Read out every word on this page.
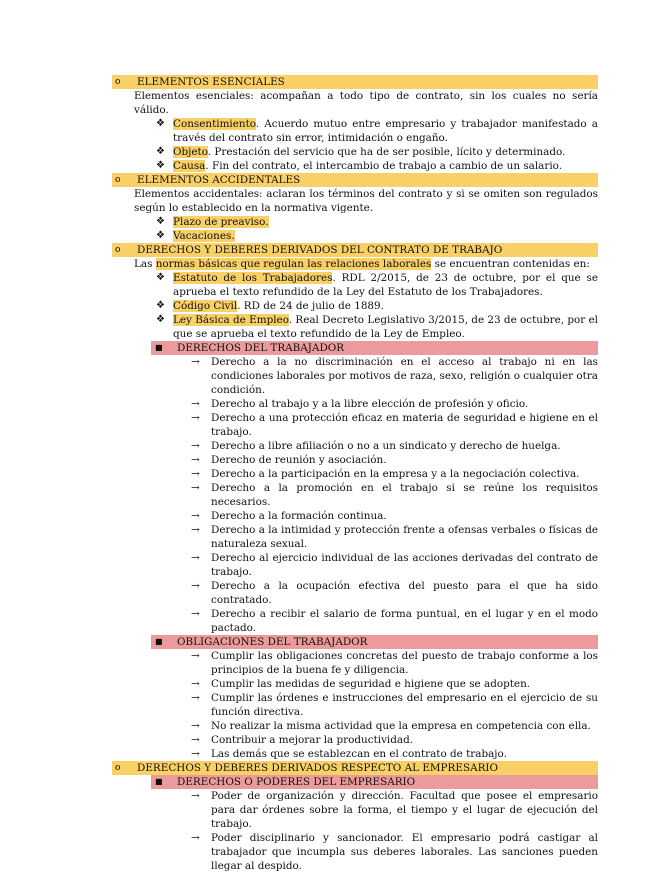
o	ELEMENTOS ESENCIALES
Elementos esenciales: acompañan a todo tipo de contrato, sin los cuales no sería válido.
❖ Consentimiento. Acuerdo mutuo entre empresario y trabajador manifestado a través del contrato sin error, intimidación o engaño.
❖ Objeto. Prestación del servicio que ha de ser posible, lícito y determinado.
❖ Causa. Fin del contrato, el intercambio de trabajo a cambio de un salario.
o	ELEMENTOS ACCIDENTALES
Elementos accidentales: aclaran los términos del contrato y si se omiten son regulados según lo establecido en la normativa vigente.
❖ Plazo de preaviso.
❖ Vacaciones.
o	DERECHOS Y DEBERES DERIVADOS DEL CONTRATO DE TRABAJO
Las normas básicas que regulan las relaciones laborales se encuentran contenidas en:
❖ Estatuto de los Trabajadores. RDL 2/2015, de 23 de octubre, por el que se aprueba el texto refundido de la Ley del Estatuto de los Trabajadores.
❖ Código Civil. RD de 24 de julio de 1889.
❖ Ley Básica de Empleo. Real Decreto Legislativo 3/2015, de 23 de octubre, por el que se aprueba el texto refundido de la Ley de Empleo.
■	DERECHOS DEL TRABAJADOR
→	Derecho a la no discriminación en el acceso al trabajo ni en las condiciones laborales por motivos de raza, sexo, religión o cualquier otra condición.
→	Derecho al trabajo y a la libre elección de profesión y oficio.
→	Derecho a una protección eficaz en materia de seguridad e higiene en el trabajo.
→	Derecho a libre afiliación o no a un sindicato y derecho de huelga.
→	Derecho de reunión y asociación.
→	Derecho a la participación en la empresa y a la negociación colectiva.
→	Derecho a la promoción en el trabajo si se reúne los requisitos necesarios.
→	Derecho a la formación continua.
→	Derecho a la intimidad y protección frente a ofensas verbales o físicas de naturaleza sexual.
→	Derecho al ejercicio individual de las acciones derivadas del contrato de trabajo.
→	Derecho a la ocupación efectiva del puesto para el que ha sido contratado.
→	Derecho a recibir el salario de forma puntual, en el lugar y en el modo pactado.
■	OBLIGACIONES DEL TRABAJADOR
→	Cumplir las obligaciones concretas del puesto de trabajo conforme a los principios de la buena fe y diligencia.
→	Cumplir las medidas de seguridad e higiene que se adopten.
→	Cumplir las órdenes e instrucciones del empresario en el ejercicio de su función directiva.
→	No realizar la misma actividad que la empresa en competencia con ella.
→	Contribuir a mejorar la productividad.
→	Las demás que se establezcan en el contrato de trabajo.
o	DERECHOS Y DEBERES DERIVADOS RESPECTO AL EMPRESARIO
■	DERECHOS O PODERES DEL EMPRESARIO
→	Poder de organización y dirección. Facultad que posee el empresario para dar órdenes sobre la forma, el tiempo y el lugar de ejecución del trabajo.
→	Poder disciplinario y sancionador. El empresario podrá castigar al trabajador que incumpla sus deberes laborales. Las sanciones pueden llegar al despido.
